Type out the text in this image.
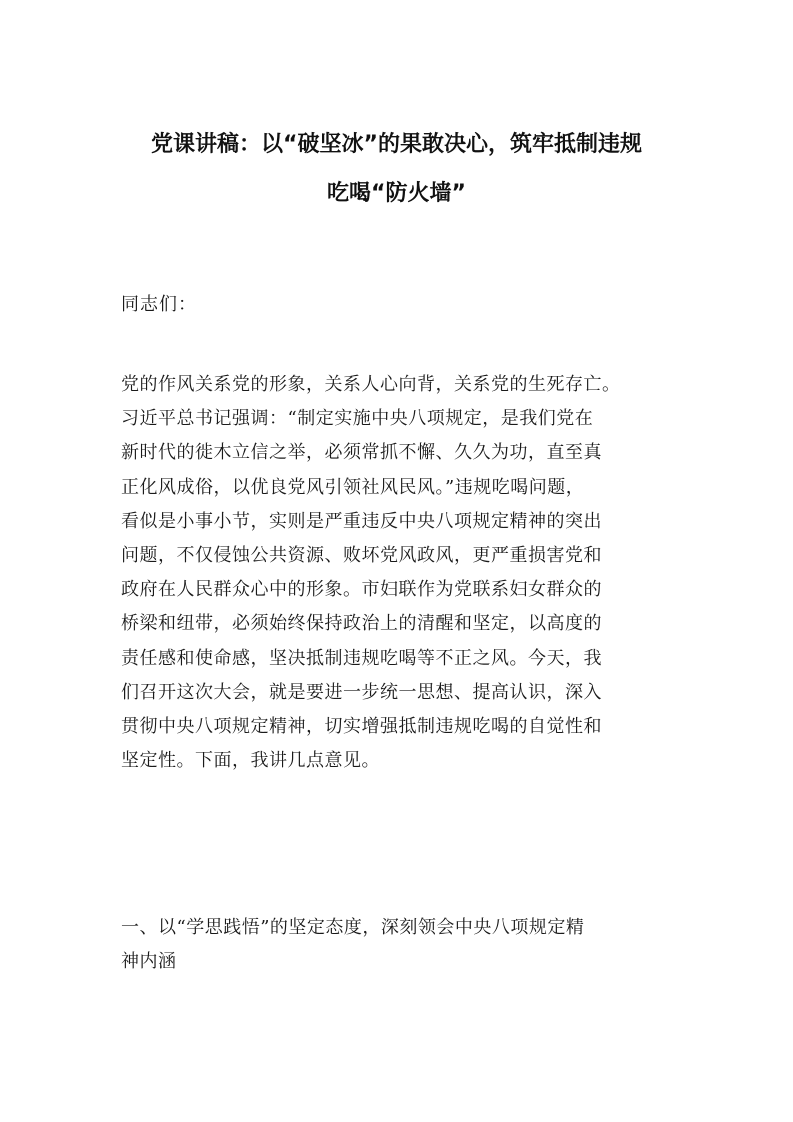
党课讲稿：以“破坚冰”的果敢决心，筑牢抵制违规
吃喝“防火墙”

同志们：

党的作风关系党的形象，关系人心向背，关系党的生死存亡。
习近平总书记强调：“制定实施中央八项规定，是我们党在
新时代的徙木立信之举，必须常抓不懈、久久为功，直至真
正化风成俗，以优良党风引领社风民风。”违规吃喝问题，
看似是小事小节，实则是严重违反中央八项规定精神的突出
问题，不仅侵蚀公共资源、败坏党风政风，更严重损害党和
政府在人民群众心中的形象。市妇联作为党联系妇女群众的
桥梁和纽带，必须始终保持政治上的清醒和坚定，以高度的
责任感和使命感，坚决抵制违规吃喝等不正之风。今天，我
们召开这次大会，就是要进一步统一思想、提高认识，深入
贯彻中央八项规定精神，切实增强抵制违规吃喝的自觉性和
坚定性。下面，我讲几点意见。

一、以“学思践悟”的坚定态度，深刻领会中央八项规定精
神内涵
